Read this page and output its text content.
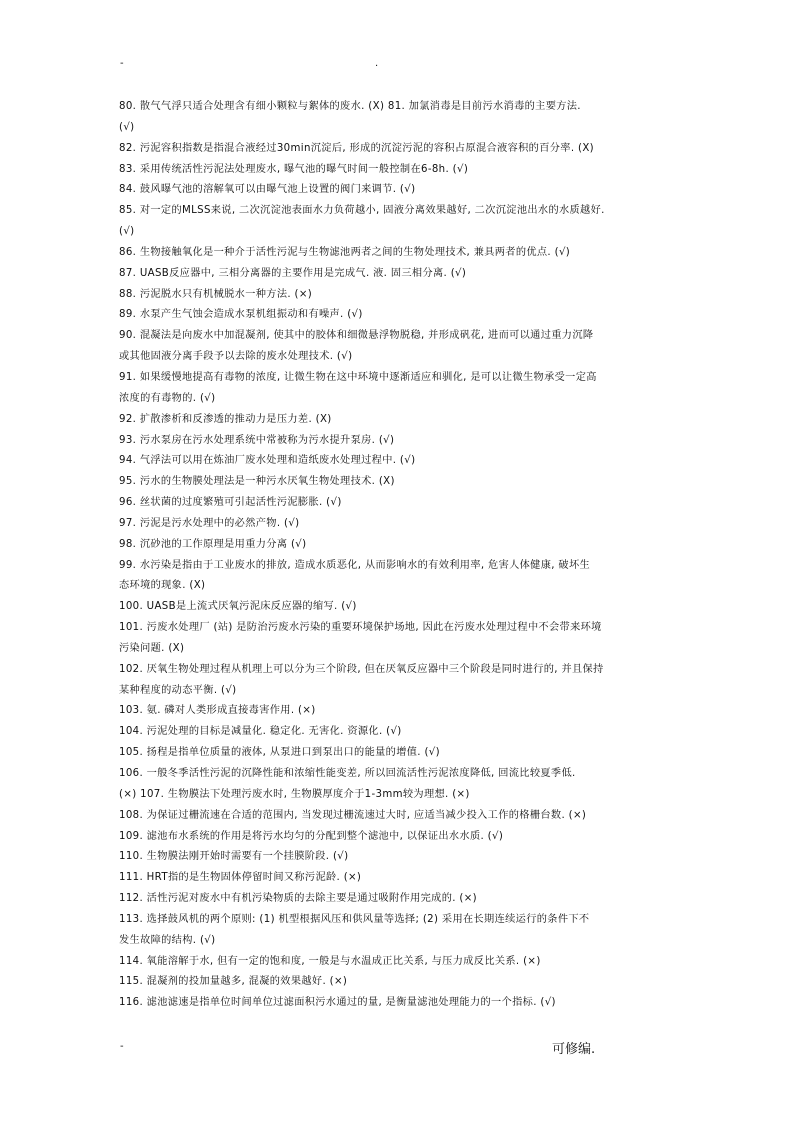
-	.
80. 散气气浮只适合处理含有细小颗粒与絮体的废水. (X) 81. 加氯消毒是目前污水消毒的主要方法.
(√)
82. 污泥容积指数是指混合液经过30min沉淀后, 形成的沉淀污泥的容积占原混合液容积的百分率. (X)
83. 采用传统活性污泥法处理废水, 曝气池的曝气时间一般控制在6-8h. (√)
84. 鼓风曝气池的溶解氧可以由曝气池上设置的阀门来调节. (√)
85. 对一定的MLSS来说, 二次沉淀池表面水力负荷越小, 固液分离效果越好, 二次沉淀池出水的水质越好.
(√)
86. 生物接触氧化是一种介于活性污泥与生物滤池两者之间的生物处理技术, 兼具两者的优点. (√)
87. UASB反应器中, 三相分离器的主要作用是完成气. 液. 固三相分离. (√)
88. 污泥脱水只有机械脱水一种方法. (×)
89. 水泵产生气蚀会造成水泵机组振动和有噪声. (√)
90. 混凝法是向废水中加混凝剂, 使其中的胶体和细微悬浮物脱稳, 并形成矾花, 进而可以通过重力沉降
或其他固液分离手段予以去除的废水处理技术. (√)
91. 如果缓慢地提高有毒物的浓度, 让微生物在这中环境中逐渐适应和驯化, 是可以让微生物承受一定高
浓度的有毒物的. (√)
92. 扩散渗析和反渗透的推动力是压力差. (X)
93. 污水泵房在污水处理系统中常被称为污水提升泵房. (√)
94. 气浮法可以用在炼油厂废水处理和造纸废水处理过程中. (√)
95. 污水的生物膜处理法是一种污水厌氧生物处理技术. (X)
96. 丝状菌的过度繁殖可引起活性污泥膨胀. (√)
97. 污泥是污水处理中的必然产物. (√)
98. 沉砂池的工作原理是用重力分离 (√)
99. 水污染是指由于工业废水的排放, 造成水质恶化, 从而影响水的有效利用率, 危害人体健康, 破坏生
态环境的现象. (X)
100. UASB是上流式厌氧污泥床反应器的缩写. (√)
101. 污废水处理厂 (站) 是防治污废水污染的重要环境保护场地, 因此在污废水处理过程中不会带来环境
污染问题. (X)
102. 厌氧生物处理过程从机理上可以分为三个阶段, 但在厌氧反应器中三个阶段是同时进行的, 并且保持
某种程度的动态平衡. (√)
103. 氨. 磷对人类形成直接毒害作用. (×)
104. 污泥处理的目标是减量化. 稳定化. 无害化. 资源化. (√)
105. 扬程是指单位质量的液体, 从泵进口到泵出口的能量的增值. (√)
106. 一般冬季活性污泥的沉降性能和浓缩性能变差, 所以回流活性污泥浓度降低, 回流比较夏季低.
(×) 107. 生物膜法下处理污废水时, 生物膜厚度介于1-3mm较为理想. (×)
108. 为保证过栅流速在合适的范围内, 当发现过栅流速过大时, 应适当减少投入工作的格栅台数. (×)
109. 滤池布水系统的作用是将污水均匀的分配到整个滤池中, 以保证出水水质. (√)
110. 生物膜法刚开始时需要有一个挂膜阶段. (√)
111. HRT指的是生物固体停留时间又称污泥龄. (×)
112. 活性污泥对废水中有机污染物质的去除主要是通过吸附作用完成的. (×)
113. 选择鼓风机的两个原则: (1) 机型根据风压和供风量等选择; (2) 采用在长期连续运行的条件下不
发生故障的结构. (√)
114. 氧能溶解于水, 但有一定的饱和度, 一般是与水温成正比关系, 与压力成反比关系. (×)
115. 混凝剂的投加量越多, 混凝的效果越好. (×)
116. 滤池滤速是指单位时间单位过滤面积污水通过的量, 是衡量滤池处理能力的一个指标. (√)
-	可修编.
